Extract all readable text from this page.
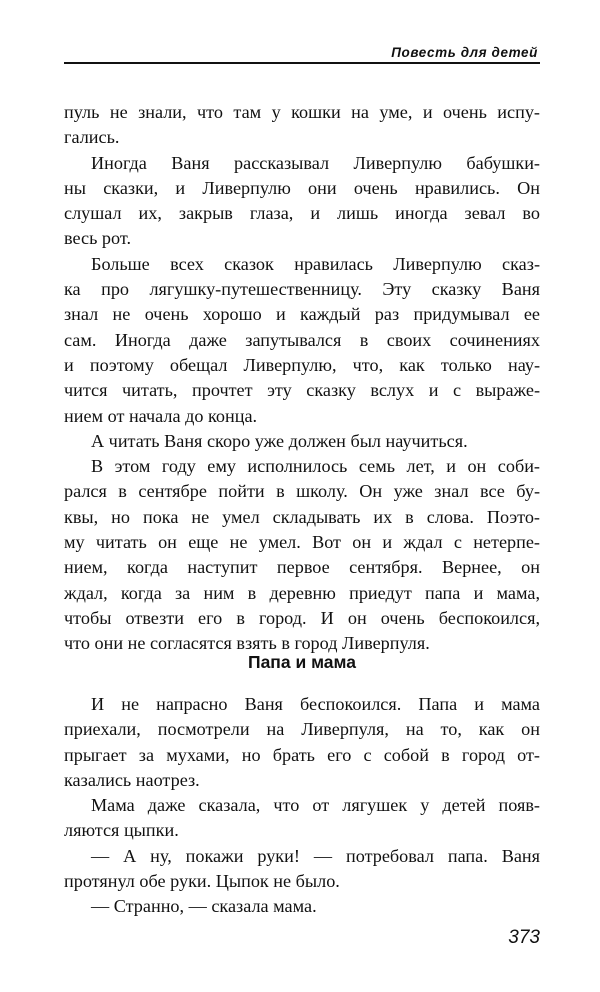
Повесть для детей
пуль не знали, что там у кошки на уме, и очень испу-
гались.
Иногда Ваня рассказывал Ливерпулю бабушки-
ны сказки, и Ливерпулю они очень нравились. Он
слушал их, закрыв глаза, и лишь иногда зевал во
весь рот.
Больше всех сказок нравилась Ливерпулю сказ-
ка про лягушку-путешественницу. Эту сказку Ваня
знал не очень хорошо и каждый раз придумывал ее
сам. Иногда даже запутывался в своих сочинениях
и поэтому обещал Ливерпулю, что, как только нау-
чится читать, прочтет эту сказку вслух и с выраже-
нием от начала до конца.
А читать Ваня скоро уже должен был научиться.
В этом году ему исполнилось семь лет, и он соби-
рался в сентябре пойти в школу. Он уже знал все бу-
квы, но пока не умел складывать их в слова. Поэто-
му читать он еще не умел. Вот он и ждал с нетерпе-
нием, когда наступит первое сентября. Вернее, он
ждал, когда за ним в деревню приедут папа и мама,
чтобы отвезти его в город. И он очень беспокоился,
что они не согласятся взять в город Ливерпуля.
Папа и мама
И не напрасно Ваня беспокоился. Папа и мама
приехали, посмотрели на Ливерпуля, на то, как он
прыгает за мухами, но брать его с собой в город от-
казались наотрез.
Мама даже сказала, что от лягушек у детей появ-
ляются цыпки.
— А ну, покажи руки! — потребовал папа. Ваня
протянул обе руки. Цыпок не было.
— Странно, — сказала мама.
373
